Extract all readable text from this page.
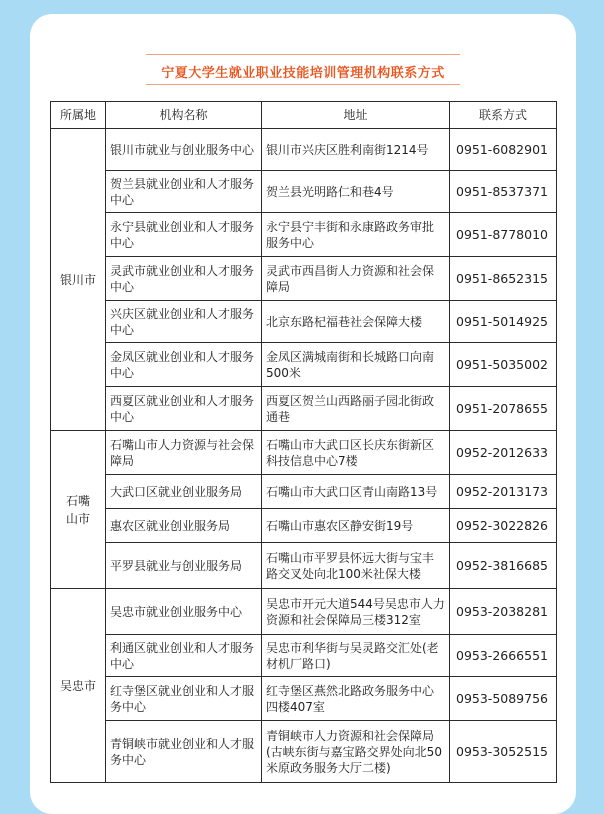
宁夏大学生就业职业技能培训管理机构联系方式
所属地	机构名称	地址	联系方式
银川市	银川市就业与创业服务中心	银川市兴庆区胜利南街1214号	0951-6082901
	贺兰县就业创业和人才服务中心	贺兰县光明路仁和巷4号	0951-8537371
	永宁县就业创业和人才服务中心	永宁县宁丰街和永康路政务审批服务中心	0951-8778010
	灵武市就业创业和人才服务中心	灵武市西昌街人力资源和社会保障局	0951-8652315
	兴庆区就业创业和人才服务中心	北京东路杞福巷社会保障大楼	0951-5014925
	金凤区就业创业和人才服务中心	金凤区满城南街和长城路口向南500米	0951-5035002
	西夏区就业创业和人才服务中心	西夏区贺兰山西路丽子园北街政通巷	0951-2078655

石嘴山市	石嘴山市人力资源与社会保障局	石嘴山市大武口区长庆东街新区科技信息中心7楼	0952-2012633
	大武口区就业创业服务局	石嘴山市大武口区青山南路13号	0952-2013173
	惠农区就业创业服务局	石嘴山市惠农区静安街19号	0952-3022826
	平罗县就业与创业服务局	石嘴山市平罗县怀远大街与宝丰路交叉处向北100米社保大楼	0952-3816685
吴忠市	吴忠市就业创业服务中心	吴忠市开元大道544号吴忠市人力资源和社会保障局三楼312室	0953-2038281
	利通区就业创业和人才服务中心	吴忠市利华街与吴灵路交汇处(老材机厂路口)	0953-2666551
	红寺堡区就业创业和人才服务中心	红寺堡区燕然北路政务服务中心四楼407室	0953-5089756
	青铜峡市就业创业和人才服务中心	青铜峡市人力资源和社会保障局(古峡东街与嘉宝路交界处向北50米原政务服务大厅二楼)	0953-3052515
